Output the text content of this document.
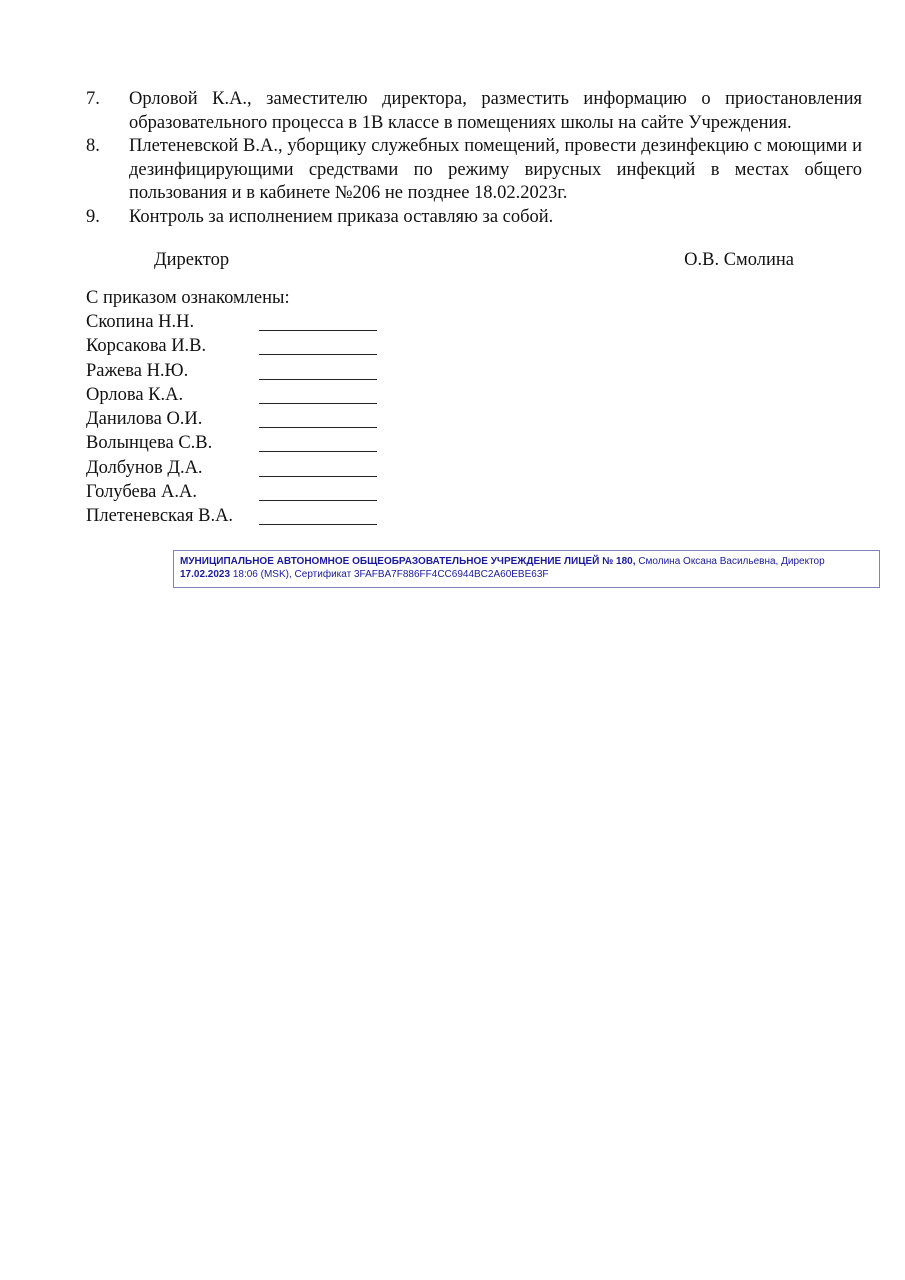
7.	Орловой К.А., заместителю директора, разместить информацию о приостановления образовательного процесса в 1В классе в помещениях школы на сайте Учреждения.
8.	Плетеневской В.А., уборщику служебных помещений, провести дезинфекцию с моющими и дезинфицирующими средствами по режиму вирусных инфекций в местах общего пользования и в кабинете №206 не позднее 18.02.2023г.
9.	Контроль за исполнением приказа оставляю за собой.
Директор	О.В. Смолина
С приказом ознакомлены:
Скопина Н.Н.
Корсакова И.В.
Ражева Н.Ю.
Орлова К.А.
Данилова О.И.
Волынцева С.В.
Долбунов Д.А.
Голубева А.А.
Плетеневская В.А.
МУНИЦИПАЛЬНОЕ АВТОНОМНОЕ ОБЩЕОБРАЗОВАТЕЛЬНОЕ УЧРЕЖДЕНИЕ ЛИЦЕЙ № 180, Смолина Оксана Васильевна, Директор
17.02.2023 18:06 (MSK), Сертификат 3FAFBA7F886FF4CC6944BC2A60EBE63F
